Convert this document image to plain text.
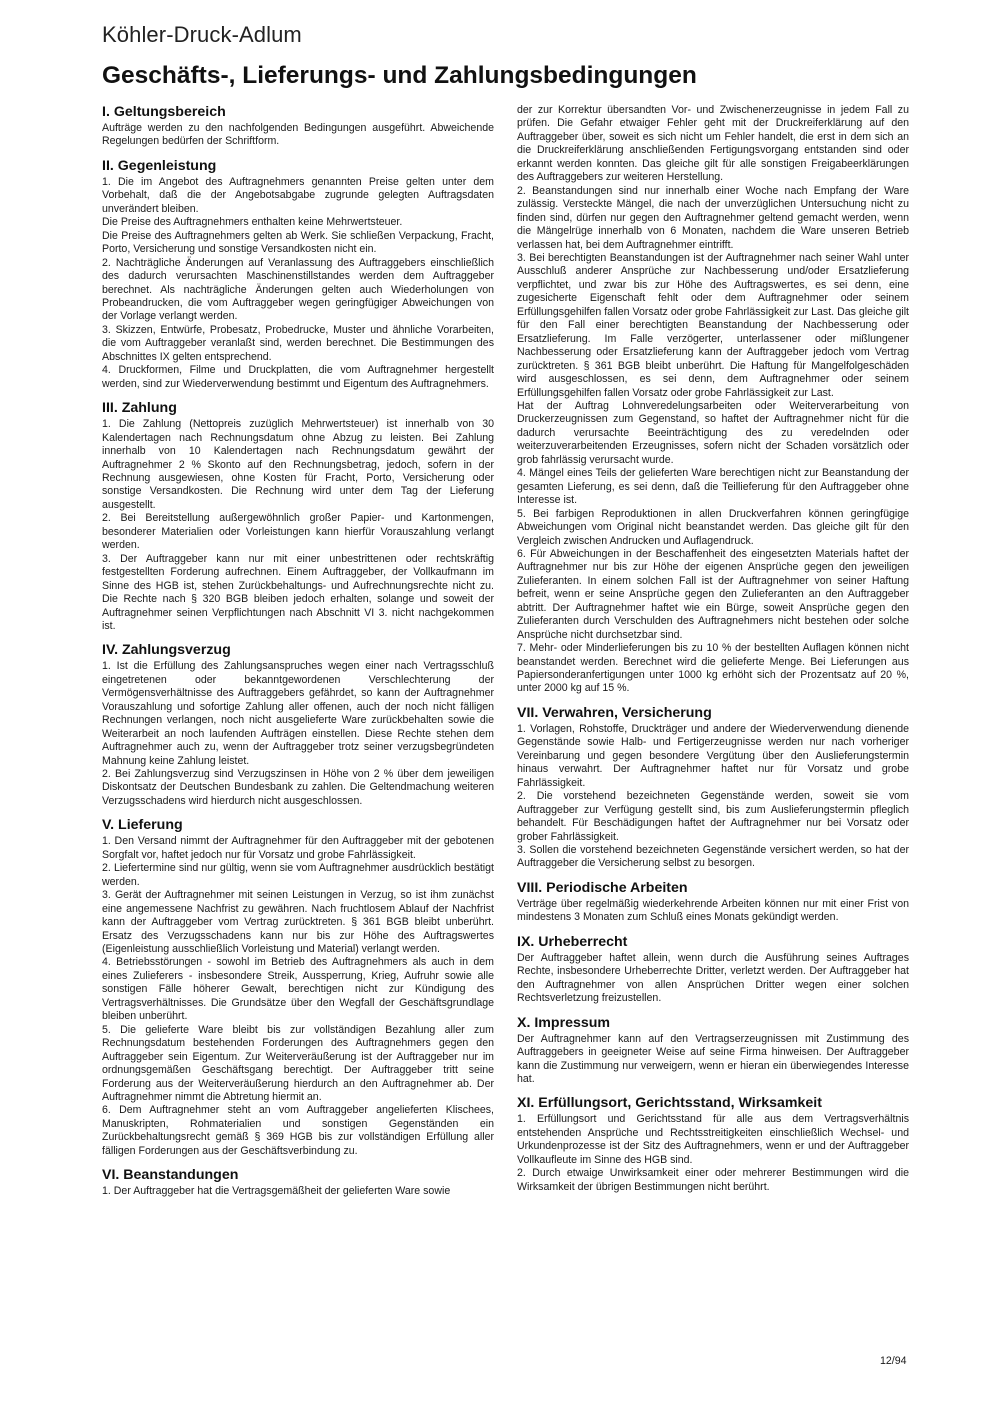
Köhler-Druck-Adlum
Geschäfts-, Lieferungs- und Zahlungsbedingungen
I. Geltungsbereich

Aufträge werden zu den nachfolgenden Bedingungen ausgeführt. Abweichende Regelungen bedürfen der Schriftform.

II. Gegenleistung

1. Die im Angebot des Auftragnehmers genannten Preise gelten unter dem Vorbehalt, daß die der Angebotsabgabe zugrunde gelegten Auftragsdaten unverändert bleiben.

Die Preise des Auftragnehmers enthalten keine Mehrwertsteuer.

Die Preise des Auftragnehmers gelten ab Werk. Sie schließen Verpackung, Fracht, Porto, Versicherung und sonstige Versandkosten nicht ein.

2. Nachträgliche Änderungen auf Veranlassung des Auftraggebers einschließlich des dadurch verursachten Maschinenstillstandes werden dem Auftraggeber berechnet. Als nachträgliche Änderungen gelten auch Wiederholungen von Probeandrucken, die vom Auftraggeber wegen geringfügiger Abweichungen von der Vorlage verlangt werden.

3. Skizzen, Entwürfe, Probesatz, Probedrucke, Muster und ähnliche Vorarbeiten, die vom Auftraggeber veranlaßt sind, werden berechnet. Die Bestimmungen des Abschnittes IX gelten entsprechend.

4. Druckformen, Filme und Druckplatten, die vom Auftragnehmer hergestellt werden, sind zur Wiederverwendung bestimmt und Eigentum des Auftragnehmers.

III. Zahlung

1. Die Zahlung (Nettopreis zuzüglich Mehrwertsteuer) ist innerhalb von 30 Kalendertagen nach Rechnungsdatum ohne Abzug zu leisten. Bei Zahlung innerhalb von 10 Kalendertagen nach Rechnungsdatum gewährt der Auftragnehmer 2 % Skonto auf den Rechnungsbetrag, jedoch, sofern in der Rechnung ausgewiesen, ohne Kosten für Fracht, Porto, Versicherung oder sonstige Versandkosten. Die Rechnung wird unter dem Tag der Lieferung ausgestellt.

2. Bei Bereitstellung außergewöhnlich großer Papier- und Kartonmengen, besonderer Materialien oder Vorleistungen kann hierfür Vorauszahlung verlangt werden.

3. Der Auftraggeber kann nur mit einer unbestrittenen oder rechtskräftig festgestellten Forderung aufrechnen. Einem Auftraggeber, der Vollkaufmann im Sinne des HGB ist, stehen Zurückbehaltungs- und Aufrechnungsrechte nicht zu. Die Rechte nach § 320 BGB bleiben jedoch erhalten, solange und soweit der Auftragnehmer seinen Verpflichtungen nach Abschnitt VI 3. nicht nachgekommen ist.

IV. Zahlungsverzug

1. Ist die Erfüllung des Zahlungsanspruches wegen einer nach Vertragsschluß eingetretenen oder bekanntgewordenen Verschlechterung der Vermögensverhältnisse des Auftraggebers gefährdet, so kann der Auftragnehmer Vorauszahlung und sofortige Zahlung aller offenen, auch der noch nicht fälligen Rechnungen verlangen, noch nicht ausgelieferte Ware zurückbehalten sowie die Weiterarbeit an noch laufenden Aufträgen einstellen. Diese Rechte stehen dem Auftragnehmer auch zu, wenn der Auftraggeber trotz seiner verzugsbegründeten Mahnung keine Zahlung leistet.

2. Bei Zahlungsverzug sind Verzugszinsen in Höhe von 2 % über dem jeweiligen Diskontsatz der Deutschen Bundesbank zu zahlen. Die Geltendmachung weiteren Verzugsschadens wird hierdurch nicht ausgeschlossen.

V. Lieferung

1. Den Versand nimmt der Auftragnehmer für den Auftraggeber mit der gebotenen Sorgfalt vor, haftet jedoch nur für Vorsatz und grobe Fahrlässigkeit.

2. Liefertermine sind nur gültig, wenn sie vom Auftragnehmer ausdrücklich bestätigt werden.

3. Gerät der Auftragnehmer mit seinen Leistungen in Verzug, so ist ihm zunächst eine angemessene Nachfrist zu gewähren. Nach fruchtlosem Ablauf der Nachfrist kann der Auftraggeber vom Vertrag zurücktreten. § 361 BGB bleibt unberührt. Ersatz des Verzugsschadens kann nur bis zur Höhe des Auftragswertes (Eigenleistung ausschließlich Vorleistung und Material) verlangt werden.

4. Betriebsstörungen - sowohl im Betrieb des Auftragnehmers als auch in dem eines Zulieferers - insbesondere Streik, Aussperrung, Krieg, Aufruhr sowie alle sonstigen Fälle höherer Gewalt, berechtigen nicht zur Kündigung des Vertragsverhältnisses. Die Grundsätze über den Wegfall der Geschäftsgrundlage bleiben unberührt.

5. Die gelieferte Ware bleibt bis zur vollständigen Bezahlung aller zum Rechnungsdatum bestehenden Forderungen des Auftragnehmers gegen den Auftraggeber sein Eigentum. Zur Weiterveräußerung ist der Auftraggeber nur im ordnungsgemäßen Geschäftsgang berechtigt. Der Auftraggeber tritt seine Forderung aus der Weiterveräußerung hierdurch an den Auftragnehmer ab. Der Auftragnehmer nimmt die Abtretung hiermit an.

6. Dem Auftragnehmer steht an vom Auftraggeber angelieferten Klischees, Manuskripten, Rohmaterialien und sonstigen Gegenständen ein Zurückbehaltungsrecht gemäß § 369 HGB bis zur vollständigen Erfüllung aller fälligen Forderungen aus der Geschäftsverbindung zu.

VI. Beanstandungen

1. Der Auftraggeber hat die Vertragsgemäßheit der gelieferten Ware sowie

der zur Korrektur übersandten Vor- und Zwischenerzeugnisse in jedem Fall zu prüfen. Die Gefahr etwaiger Fehler geht mit der Druckreiferklärung auf den Auftraggeber über, soweit es sich nicht um Fehler handelt, die erst in dem sich an die Druckreiferklärung anschließenden Fertigungsvorgang entstanden sind oder erkannt werden konnten. Das gleiche gilt für alle sonstigen Freigabeerklärungen des Auftraggebers zur weiteren Herstellung.

2. Beanstandungen sind nur innerhalb einer Woche nach Empfang der Ware zulässig. Versteckte Mängel, die nach der unverzüglichen Untersuchung nicht zu finden sind, dürfen nur gegen den Auftragnehmer geltend gemacht werden, wenn die Mängelrüge innerhalb von 6 Monaten, nachdem die Ware unseren Betrieb verlassen hat, bei dem Auftragnehmer eintrifft.

3. Bei berechtigten Beanstandungen ist der Auftragnehmer nach seiner Wahl unter Ausschluß anderer Ansprüche zur Nachbesserung und/oder Ersatzlieferung verpflichtet, und zwar bis zur Höhe des Auftragswertes, es sei denn, eine zugesicherte Eigenschaft fehlt oder dem Auftragnehmer oder seinem Erfüllungsgehilfen fallen Vorsatz oder grobe Fahrlässigkeit zur Last. Das gleiche gilt für den Fall einer berechtigten Beanstandung der Nachbesserung oder Ersatzlieferung. Im Falle verzögerter, unterlassener oder mißlungener Nachbesserung oder Ersatzlieferung kann der Auftraggeber jedoch vom Vertrag zurücktreten. § 361 BGB bleibt unberührt. Die Haftung für Mangelfolgeschäden wird ausgeschlossen, es sei denn, dem Auftragnehmer oder seinem Erfüllungsgehilfen fallen Vorsatz oder grobe Fahrlässigkeit zur Last.

Hat der Auftrag Lohnveredelungsarbeiten oder Weiterverarbeitung von Druckerzeugnissen zum Gegenstand, so haftet der Auftragnehmer nicht für die dadurch verursachte Beeinträchtigung des zu veredelnden oder weiterzuverarbeitenden Erzeugnisses, sofern nicht der Schaden vorsätzlich oder grob fahrlässig verursacht wurde.

4. Mängel eines Teils der gelieferten Ware berechtigen nicht zur Beanstandung der gesamten Lieferung, es sei denn, daß die Teillieferung für den Auftraggeber ohne Interesse ist.

5. Bei farbigen Reproduktionen in allen Druckverfahren können geringfügige Abweichungen vom Original nicht beanstandet werden. Das gleiche gilt für den Vergleich zwischen Andrucken und Auflagendruck.

6. Für Abweichungen in der Beschaffenheit des eingesetzten Materials haftet der Auftragnehmer nur bis zur Höhe der eigenen Ansprüche gegen den jeweiligen Zulieferanten. In einem solchen Fall ist der Auftragnehmer von seiner Haftung befreit, wenn er seine Ansprüche gegen den Zulieferanten an den Auftraggeber abtritt. Der Auftragnehmer haftet wie ein Bürge, soweit Ansprüche gegen den Zulieferanten durch Verschulden des Auftragnehmers nicht bestehen oder solche Ansprüche nicht durchsetzbar sind.

7. Mehr- oder Minderlieferungen bis zu 10 % der bestellten Auflagen können nicht beanstandet werden. Berechnet wird die gelieferte Menge. Bei Lieferungen aus Papiersonderanfertigungen unter 1000 kg erhöht sich der Prozentsatz auf 20 %, unter 2000 kg auf 15 %.

VII. Verwahren, Versicherung

1. Vorlagen, Rohstoffe, Druckträger und andere der Wiederverwendung dienende Gegenstände sowie Halb- und Fertigerzeugnisse werden nur nach vorheriger Vereinbarung und gegen besondere Vergütung über den Auslieferungstermin hinaus verwahrt. Der Auftragnehmer haftet nur für Vorsatz und grobe Fahrlässigkeit.

2. Die vorstehend bezeichneten Gegenstände werden, soweit sie vom Auftraggeber zur Verfügung gestellt sind, bis zum Auslieferungstermin pfleglich behandelt. Für Beschädigungen haftet der Auftragnehmer nur bei Vorsatz oder grober Fahrlässigkeit.

3. Sollen die vorstehend bezeichneten Gegenstände versichert werden, so hat der Auftraggeber die Versicherung selbst zu besorgen.

VIII. Periodische Arbeiten

Verträge über regelmäßig wiederkehrende Arbeiten können nur mit einer Frist von mindestens 3 Monaten zum Schluß eines Monats gekündigt werden.

IX. Urheberrecht

Der Auftraggeber haftet allein, wenn durch die Ausführung seines Auftrages Rechte, insbesondere Urheberrechte Dritter, verletzt werden. Der Auftraggeber hat den Auftragnehmer von allen Ansprüchen Dritter wegen einer solchen Rechtsverletzung freizustellen.

X. Impressum

Der Auftragnehmer kann auf den Vertragserzeugnissen mit Zustimmung des Auftraggebers in geeigneter Weise auf seine Firma hinweisen. Der Auftraggeber kann die Zustimmung nur verweigern, wenn er hieran ein überwiegendes Interesse hat.

XI. Erfüllungsort, Gerichtsstand, Wirksamkeit

1. Erfüllungsort und Gerichtsstand für alle aus dem Vertragsverhältnis entstehenden Ansprüche und Rechtsstreitigkeiten einschließlich Wechsel- und Urkundenprozesse ist der Sitz des Auftragnehmers, wenn er und der Auftraggeber Vollkaufleute im Sinne des HGB sind.

2. Durch etwaige Unwirksamkeit einer oder mehrerer Bestimmungen wird die Wirksamkeit der übrigen Bestimmungen nicht berührt.

12/94
